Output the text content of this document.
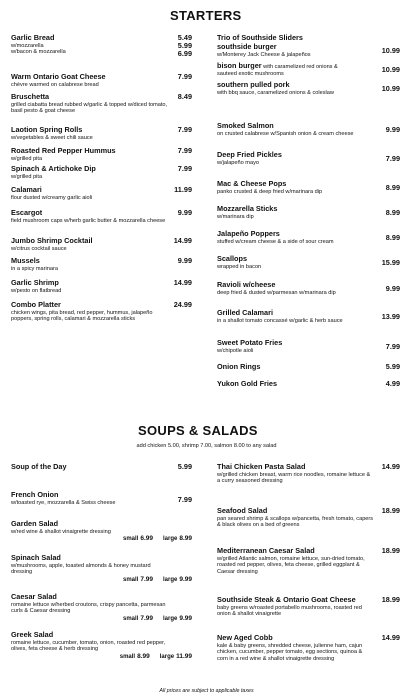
STARTERS
Garlic Bread
w/mozzarella
w/bacon & mozzarella
5.49
5.99
6.99
Warm Ontario Goat Cheese
chèvre warmed on calabrese bread
7.99
Bruschetta
grilled ciabatta bread rubbed w/garlic & topped w/diced tomato, basil pesto & goat cheese
8.49
Laotion Spring Rolls
w/vegetables & sweet chili sauce
7.99
Roasted Red Pepper Hummus
w/grilled pita
7.99
Spinach & Artichoke Dip
w/grilled pita
7.99
Calamari
flour dusted w/creamy garlic aioli
11.99
Escargot
field mushroom caps w/herb garlic butter & mozzarella cheese
9.99
Jumbo Shrimp Cocktail
w/citrus cocktail sauce
14.99
Mussels
in a spicy marinara
9.99
Garlic Shrimp
w/pesto on flatbread
14.99
Combo Platter
chicken wings, pita bread, red pepper, hummus, jalapeño poppers, spring rolls, calamari & mozzarella sticks
24.99
Trio of Southside Sliders
southside burger
w/Monterey Jack Cheese & jalapeños	10.99
bison burger with caramelized red onions &
sauteed exotic mushrooms	10.99
southern pulled pork
with bbq sauce, caramelized onions & coleslaw	10.99
Smoked Salmon
on crusted calabrese w/Spanish onion & cream cheese	9.99
Deep Fried Pickles
w/jalapeño mayo	7.99
Mac & Cheese Pops
panko crusted & deep fried w/marinara dip	8.99
Mozzarella Sticks
w/marinara dip	8.99
Jalapeño Poppers
stuffed w/cream cheese & a side of sour cream	8.99
Scallops
wrapped in bacon	15.99
Ravioli w/cheese
deep fried & dusted w/parmesan w/marinara dip	9.99
Grilled Calamari
in a shallot tomato concassé w/garlic & herb sauce	13.99
Sweet Potato Fries
w/chipotle aioli	7.99
Onion Rings	5.99
Yukon Gold Fries	4.99
SOUPS & SALADS
add chicken 5.00, shrimp 7.00, salmon 8.00 to any salad
Soup of the Day	5.99
French Onion
w/toasted rye, mozzarella & Swiss cheese	7.99
Garden Salad
w/red wine & shallot vinaigrette dressing
small 6.99 large 8.99
Spinach Salad
w/mushrooms, apple, toasted almonds & honey mustard dressing
small 7.99 large 9.99
Caesar Salad
romaine lettuce w/herbed croutons, crispy pancetta, parmesan curls & Caesar dressing
small 7.99 large 9.99
Greek Salad
romaine lettuce, cucumber, tomato, onion, roasted red pepper, olives, feta cheese & herb dressing
small 8.99 large 11.99
Thai Chicken Pasta Salad
w/grilled chicken breast, warm rice noodles, romaine lettuce & a curry seasoned dressing
14.99
Seafood Salad
pan seared shrimp & scallops w/pancetta, fresh tomato, capers & black olives on a bed of greens
18.99
Mediterranean Caesar Salad
w/grilled Atlantic salmon, romaine lettuce, sun-dried tomato, roasted red pepper, olives, feta cheese, grilled eggplant & Caesar dressing
18.99
Southside Steak & Ontario Goat Cheese
baby greens w/roasted portabello mushrooms, roasted red onion & shallot vinaigrette
18.99
New Aged Cobb
kale & baby greens, shredded cheese, julienne ham, cajun chicken, cucumber, pepper tomato, egg sections, quinoa & corn in a red wine & shallot vinaigrette dressing
14.99
All prices are subject to applicable taxes
